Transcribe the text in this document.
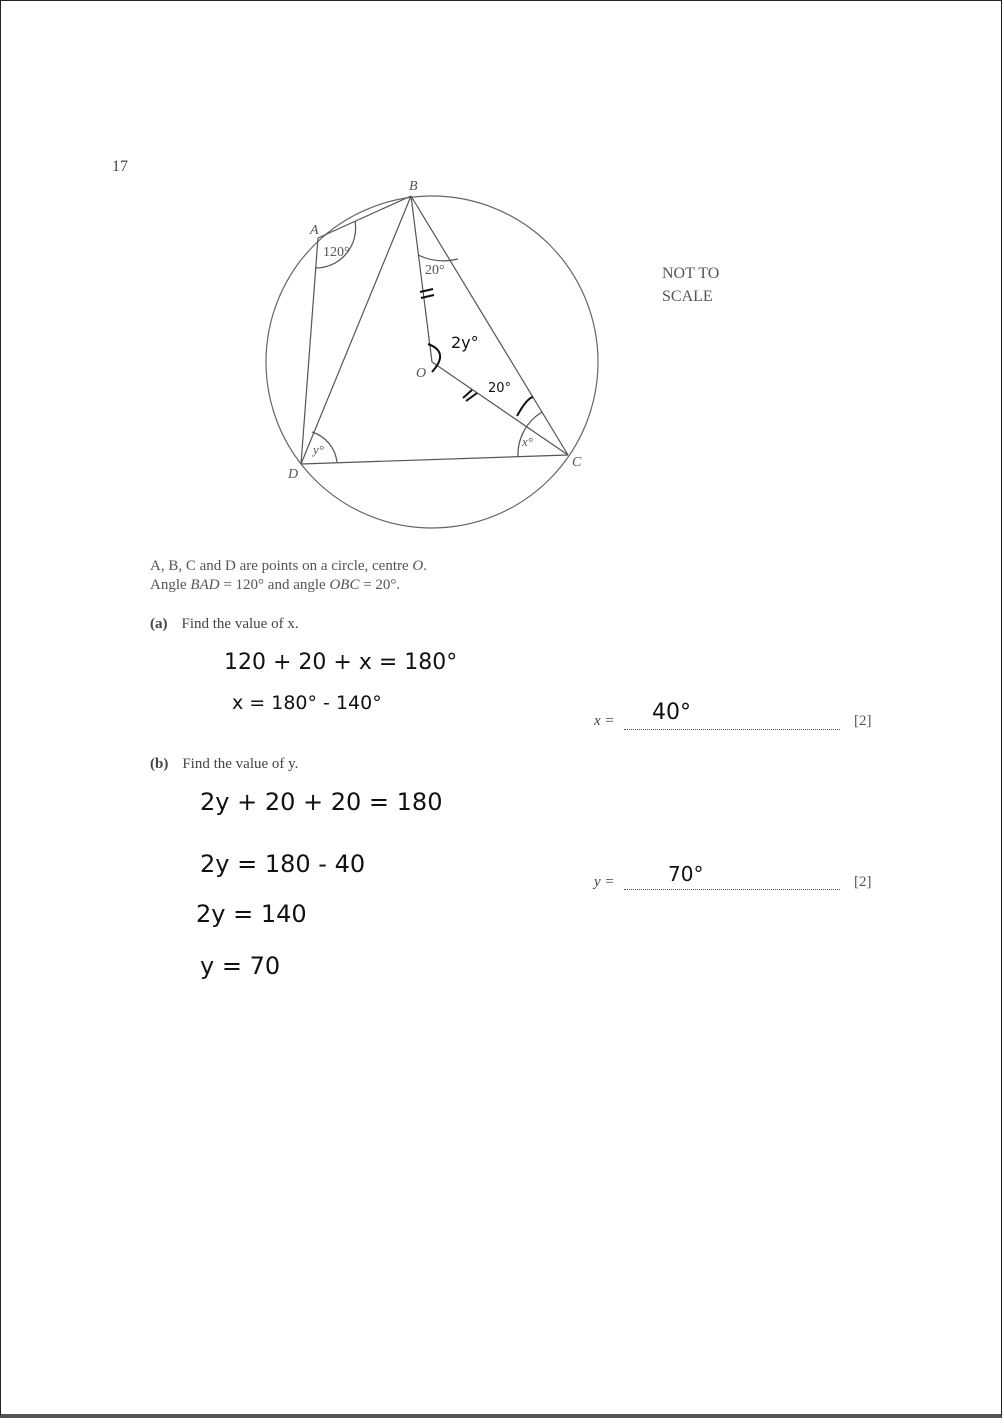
17
A
B
C
D
O
120°
20°
x°
y°
2y°
20°
NOT TO
SCALE
A, B, C and D are points on a circle, centre O.
Angle BAD = 120° and angle OBC = 20°.
(a) Find the value of x.
120 + 20 + x = 180°
x = 180° - 140°
x = 40°	[2]
(b) Find the value of y.
2y + 20 + 20 = 180
2y = 180 - 40
2y = 140
y = 70
y =	70°	[2]
